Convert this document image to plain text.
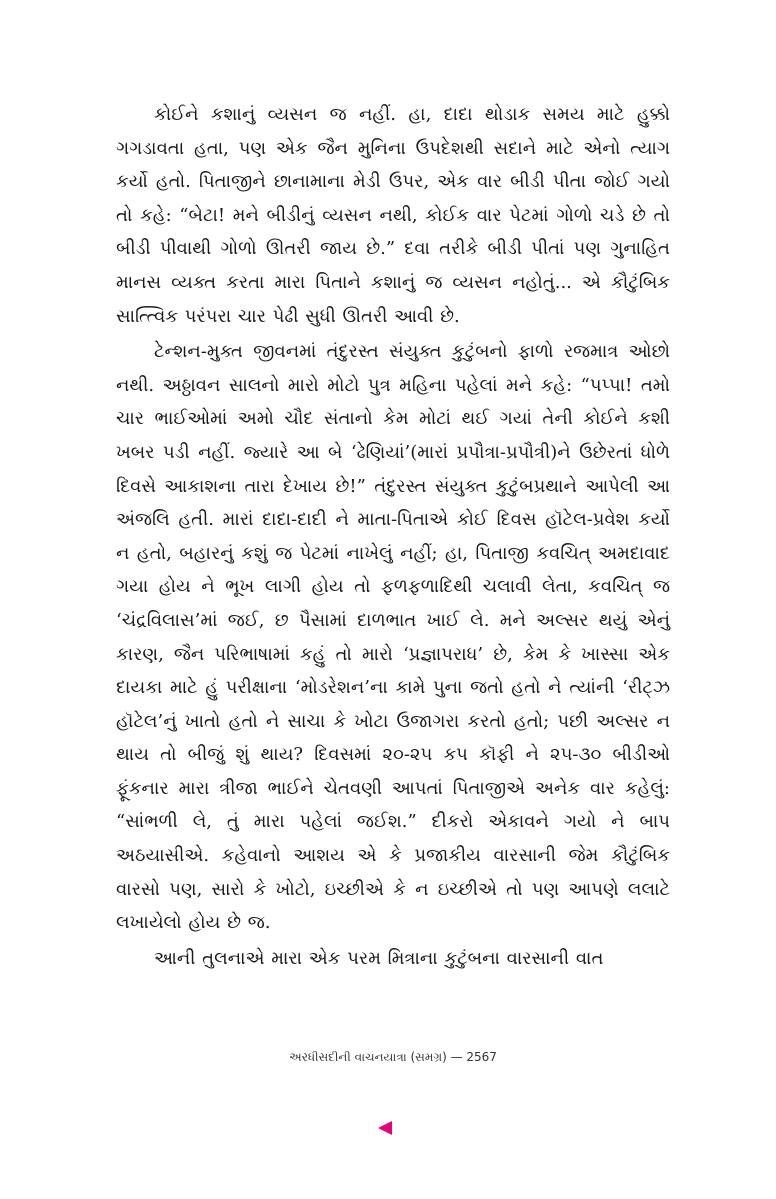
કોઈને કશાનું વ્યસન જ નહીં. હા, દાદા થોડાક સમય માટે હુક્કો ગગડાવતા હતા, પણ એક જૈન મુનિના ઉપદેશથી સદાને માટે એનો ત્યાગ કર્યો હતો. પિતાજીને છાનામાના મેડી ઉપર, એક વાર બીડી પીતા જોઈ ગયો તો કહે: “બેટા! મને બીડીનું વ્યસન નથી, કોઈક વાર પેટમાં ગોળો ચડે છે તો બીડી પીવાથી ગોળો ઊતરી જાય છે.” દવા તરીકે બીડી પીતાં પણ ગુનાહિત માનસ વ્યક્ત કરતા મારા પિતાને કશાનું જ વ્યસન નહોતું... એ કૌટુંબિક સાત્ત્વિક પરંપરા ચાર પેઢી સુધી ઊતરી આવી છે.

ટેન્શન-મુક્ત જીવનમાં તંદુરસ્ત સંયુક્ત કુટુંબનો ફાળો રજમાત્ર ઓછો નથી. અઠ્ઠાવન સાલનો મારો મોટો પુત્ર મહિના પહેલાં મને કહે: “પપ્પા! તમો ચાર ભાઈઓમાં અમો ચૌદ સંતાનો કેમ મોટાં થઈ ગયાં તેની કોઈને કશી ખબર પડી નહીં. જ્યારે આ બે ‘ઢેણિયાં’(મારાં પ્રપૌત્રા-પ્રપૌત્રી)ને ઉછેરતાં ધોળે દિવસે આકાશના તારા દેખાય છે!” તંદુરસ્ત સંયુક્ત કુટુંબપ્રથાને આપેલી આ અંજલિ હતી. મારાં દાદા-દાદી ને માતા-પિતાએ કોઈ દિવસ હૉટેલ-પ્રવેશ કર્યો ન હતો, બહારનું કશું જ પેટમાં નાખેલું નહીં; હા, પિતાજી કવચિત્ અમદાવાદ ગયા હોય ને ભૂખ લાગી હોય તો ફળફળાદિથી ચલાવી લેતા, કવચિત્ જ ‘ચંદ્રવિલાસ’માં જઈ, છ પૈસામાં દાળભાત ખાઈ લે. મને અલ્સર થયું એનું કારણ, જૈન પરિભાષામાં કહું તો મારો ‘પ્રજ્ઞાપરાધ’ છે, કેમ કે ખાસ્સા એક દાયકા માટે હું પરીક્ષાના ‘મોડરેશન’ના કામે પુના જતો હતો ને ત્યાંની ‘રીટ્ઝ હૉટેલ’નું ખાતો હતો ને સાચા કે ખોટા ઉજાગરા કરતો હતો; પછી અલ્સર ન થાય તો બીજું શું થાય? દિવસમાં ૨૦-૨૫ કપ કૉફી ને ૨૫-૩૦ બીડીઓ ફૂંકનાર મારા ત્રીજા ભાઈને ચેતવણી આપતાં પિતાજીએ અનેક વાર કહેલું: “સાંભળી લે, તું મારા પહેલાં જઈશ.” દીકરો એકાવને ગયો ને બાપ અઠયાસીએ. કહેવાનો આશય એ કે પ્રજાકીય વારસાની જેમ કૌટુંબિક વારસો પણ, સારો કે ખોટો, ઇચ્છીએ કે ન ઇચ્છીએ તો પણ આપણે લલાટે લખાયેલો હોય છે જ.

આની તુલનાએ મારા એક પરમ મિત્રાના કુટુંબના વારસાની વાત

અરધીસદીની વાચનયાત્રા (સમગ્ર) — 2567
